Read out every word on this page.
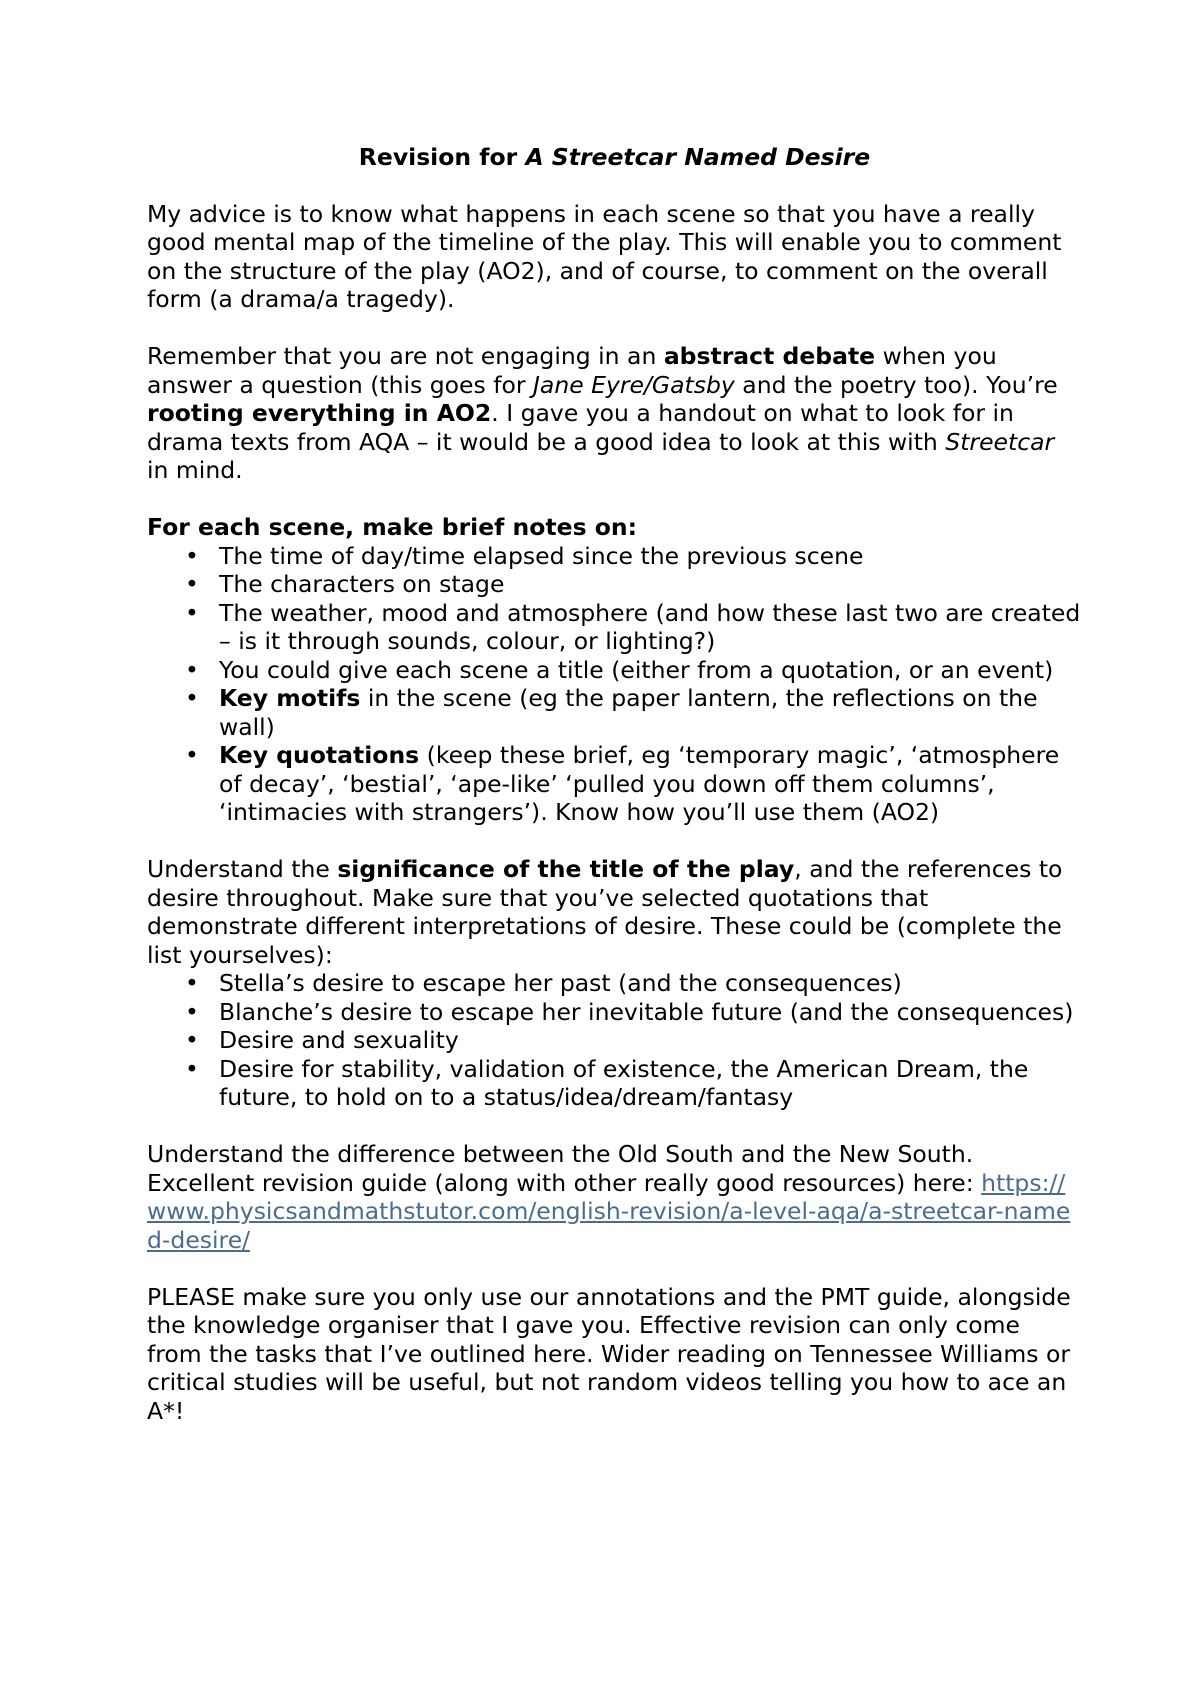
Revision for A Streetcar Named Desire

My advice is to know what happens in each scene so that you have a really good mental map of the timeline of the play. This will enable you to comment on the structure of the play (AO2), and of course, to comment on the overall form (a drama/a tragedy).

Remember that you are not engaging in an abstract debate when you answer a question (this goes for Jane Eyre/Gatsby and the poetry too). You’re rooting everything in AO2. I gave you a handout on what to look for in drama texts from AQA – it would be a good idea to look at this with Streetcar in mind.

For each scene, make brief notes on:
• The time of day/time elapsed since the previous scene
• The characters on stage
• The weather, mood and atmosphere (and how these last two are created – is it through sounds, colour, or lighting?)
• You could give each scene a title (either from a quotation, or an event)
• Key motifs in the scene (eg the paper lantern, the reflections on the wall)
• Key quotations (keep these brief, eg ‘temporary magic’, ‘atmosphere of decay’, ‘bestial’, ‘ape-like’ ‘pulled you down off them columns’, ‘intimacies with strangers’). Know how you’ll use them (AO2)
Understand the significance of the title of the play, and the references to desire throughout. Make sure that you’ve selected quotations that demonstrate different interpretations of desire. These could be (complete the list yourselves):
• Stella’s desire to escape her past (and the consequences)
• Blanche’s desire to escape her inevitable future (and the consequences)
• Desire and sexuality
• Desire for stability, validation of existence, the American Dream, the future, to hold on to a status/idea/dream/fantasy

Understand the difference between the Old South and the New South. Excellent revision guide (along with other really good resources) here: https://www.physicsandmathstutor.com/english-revision/a-level-aqa/a-streetcar-named-desire/

PLEASE make sure you only use our annotations and the PMT guide, alongside the knowledge organiser that I gave you. Effective revision can only come from the tasks that I’ve outlined here. Wider reading on Tennessee Williams or critical studies will be useful, but not random videos telling you how to ace an A*!
